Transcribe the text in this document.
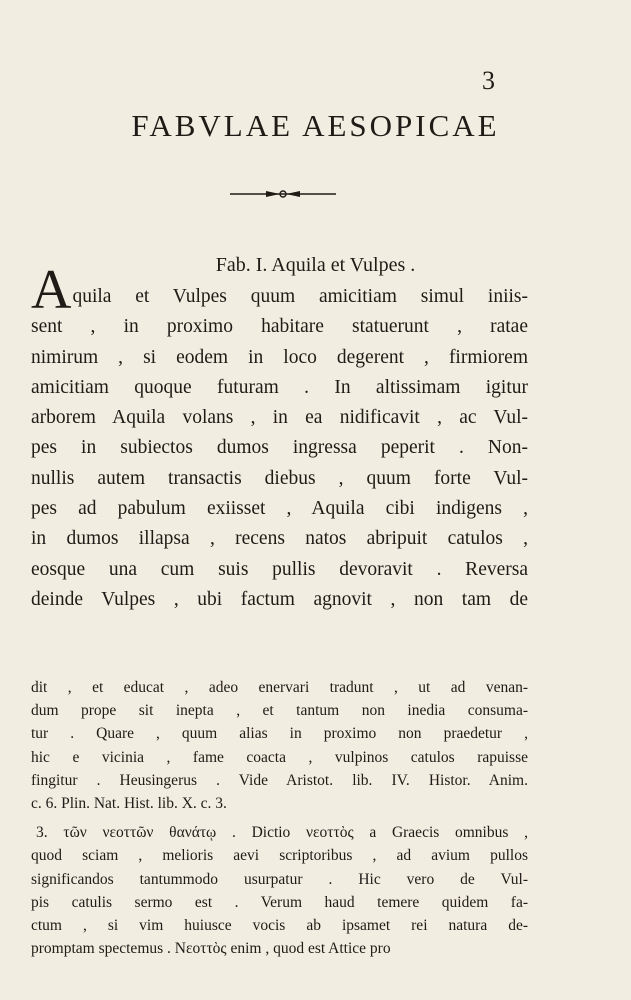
3
FABVLAE AESOPICAE
Fab. I. Aquila et Vulpes .
A quila et Vulpes quum amicitiam simul iniis-
sent , in proximo habitare statuerunt , ratae
nimirum , si eodem in loco degerent , firmiorem
amicitiam quoque futuram . In altissimam igitur
arborem Aquila volans , in ea nidificavit , ac Vul-
pes in subiectos dumos ingressa peperit . Non-
nullis autem transactis diebus , quum forte Vul-
pes ad pabulum exiisset , Aquila cibi indigens ,
in dumos illapsa , recens natos abripuit catulos ,
eosque una cum suis pullis devoravit . Reversa
deinde Vulpes , ubi factum agnovit , non tam de
dit , et educat , adeo enervari tradunt , ut ad venan-
dum prope sit inepta , et tantum non inedia consuma-
tur . Quare , quum alias in proximo non praedetur ,
hic e vicinia , fame coacta , vulpinos catulos rapuisse
fingitur . Heusingerus . Vide Aristot. lib. IV. Histor. Anim.
c. 6. Plin. Nat. Hist. lib. X. c. 3.
3. τῶν νεοττῶν θανάτῳ . Dictio νεοττὸς a Graecis omnibus ,
quod sciam , melioris aevi scriptoribus , ad avium pullos
significandos tantummodo usurpatur . Hic vero de Vul-
pis catulis sermo est . Verum haud temere quidem fa-
ctum , si vim huiusce vocis ab ipsamet rei natura de-
promptam spectemus . Νεοττὸς enim , quod est Attice pro
